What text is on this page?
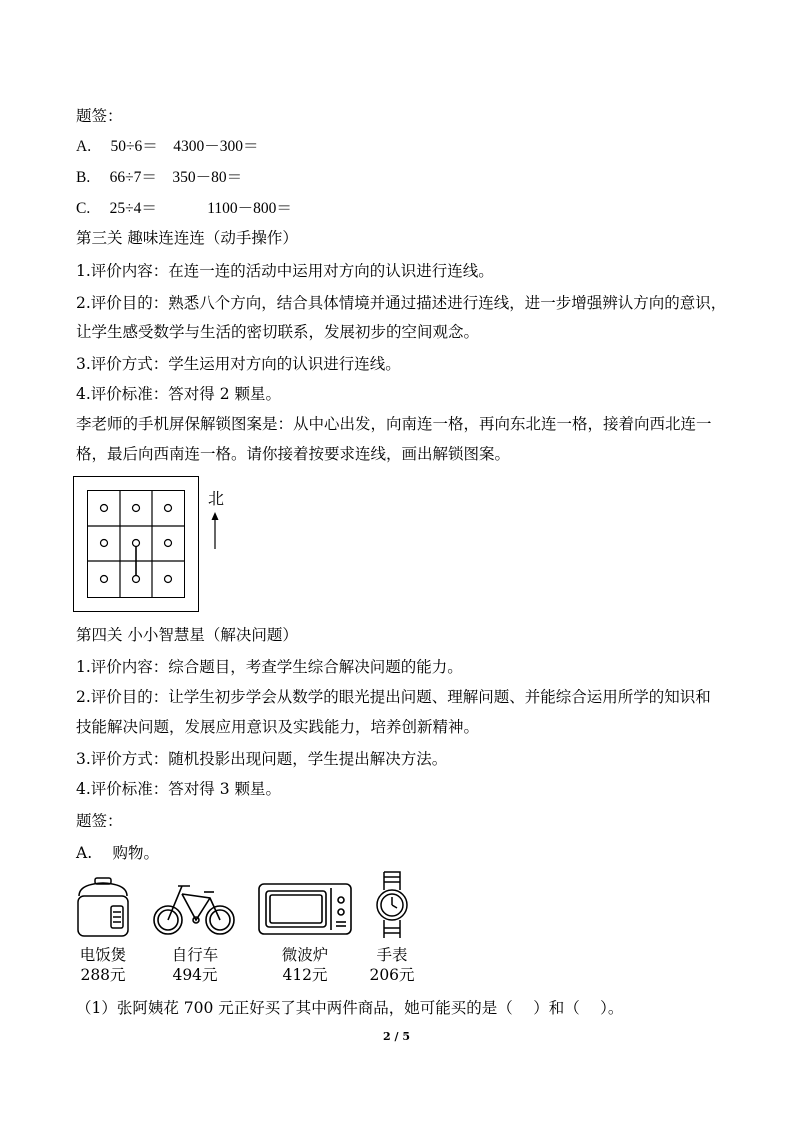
题签：
A.　 50÷6＝　4300－300＝
B.　 66÷7＝　350－80＝
C.　 25÷4＝　　　 1100－800＝
第三关 趣味连连连（动手操作）
1.评价内容：在连一连的活动中运用对方向的认识进行连线。
2.评价目的：熟悉八个方向，结合具体情境并通过描述进行连线，进一步增强辨认方向的意识，
让学生感受数学与生活的密切联系，发展初步的空间观念。
3.评价方式：学生运用对方向的认识进行连线。
4.评价标准：答对得 2 颗星。
李老师的手机屏保解锁图案是：从中心出发，向南连一格，再向东北连一格，接着向西北连一
格，最后向西南连一格。请你接着按要求连线，画出解锁图案。
北
第四关 小小智慧星（解决问题）
1.评价内容：综合题目，考查学生综合解决问题的能力。
2.评价目的：让学生初步学会从数学的眼光提出问题、理解问题、并能综合运用所学的知识和
技能解决问题，发展应用意识及实践能力，培养创新精神。
3.评价方式：随机投影出现问题，学生提出解决方法。
4.评价标准：答对得 3 颗星。
题签：
A.　 购物。
电饭煲
288元
自行车
494元
微波炉
412元
手表
206元
（1）张阿姨花 700 元正好买了其中两件商品，她可能买的是（　 ）和（　 ）。
2 / 5
